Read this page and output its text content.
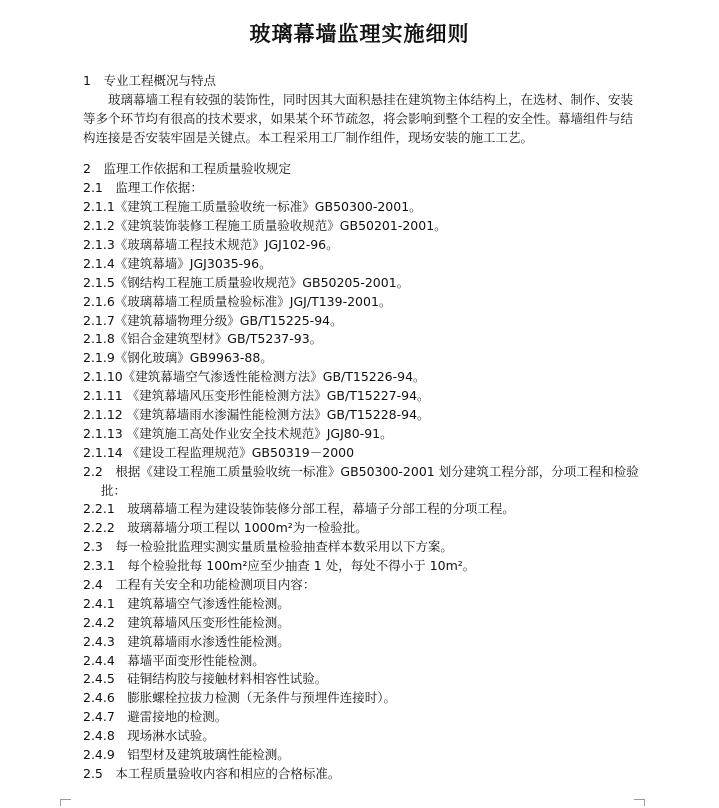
玻璃幕墙监理实施细则
1　专业工程概况与特点
玻璃幕墙工程有较强的装饰性，同时因其大面积悬挂在建筑物主体结构上，在选材、制作、安装等多个环节均有很高的技术要求，如果某个环节疏忽，将会影响到整个工程的安全性。幕墙组件与结构连接是否安装牢固是关键点。本工程采用工厂制作组件，现场安装的施工工艺。
2　监理工作依据和工程质量验收规定
2.1　监理工作依据：
2.1.1《建筑工程施工质量验收统一标准》GB50300-2001。
2.1.2《建筑装饰装修工程施工质量验收规范》GB50201-2001。
2.1.3《玻璃幕墙工程技术规范》JGJ102-96。
2.1.4《建筑幕墙》JGJ3035-96。
2.1.5《钢结构工程施工质量验收规范》GB50205-2001。
2.1.6《玻璃幕墙工程质量检验标准》JGJ/T139-2001。
2.1.7《建筑幕墙物理分级》GB/T15225-94。
2.1.8《铝合金建筑型材》GB/T5237-93。
2.1.9《钢化玻璃》GB9963-88。
2.1.10《建筑幕墙空气渗透性能检测方法》GB/T15226-94。
2.1.11 《建筑幕墙风压变形性能检测方法》GB/T15227-94。
2.1.12 《建筑幕墙雨水渗漏性能检测方法》GB/T15228-94。
2.1.13 《建筑施工高处作业安全技术规范》JGJ80-91。
2.1.14 《建设工程监理规范》GB50319－2000
2.2　根据《建设工程施工质量验收统一标准》GB50300-2001 划分建筑工程分部，分项工程和检验批：
2.2.1　玻璃幕墙工程为建设装饰装修分部工程，幕墙子分部工程的分项工程。
2.2.2　玻璃幕墙分项工程以 1000m²为一检验批。
2.3　每一检验批监理实测实量质量检验抽查样本数采用以下方案。
2.3.1　每个检验批每 100m²应至少抽查 1 处，每处不得小于 10m²。
2.4　工程有关安全和功能检测项目内容：
2.4.1　建筑幕墙空气渗透性能检测。
2.4.2　建筑幕墙风压变形性能检测。
2.4.3　建筑幕墙雨水渗透性能检测。
2.4.4　幕墙平面变形性能检测。
2.4.5　硅铜结构胶与接触材料相容性试验。
2.4.6　膨胀螺栓拉拔力检测（无条件与预埋件连接时）。
2.4.7　避雷接地的检测。
2.4.8　现场淋水试验。
2.4.9　铝型材及建筑玻璃性能检测。
2.5　本工程质量验收内容和相应的合格标准。
